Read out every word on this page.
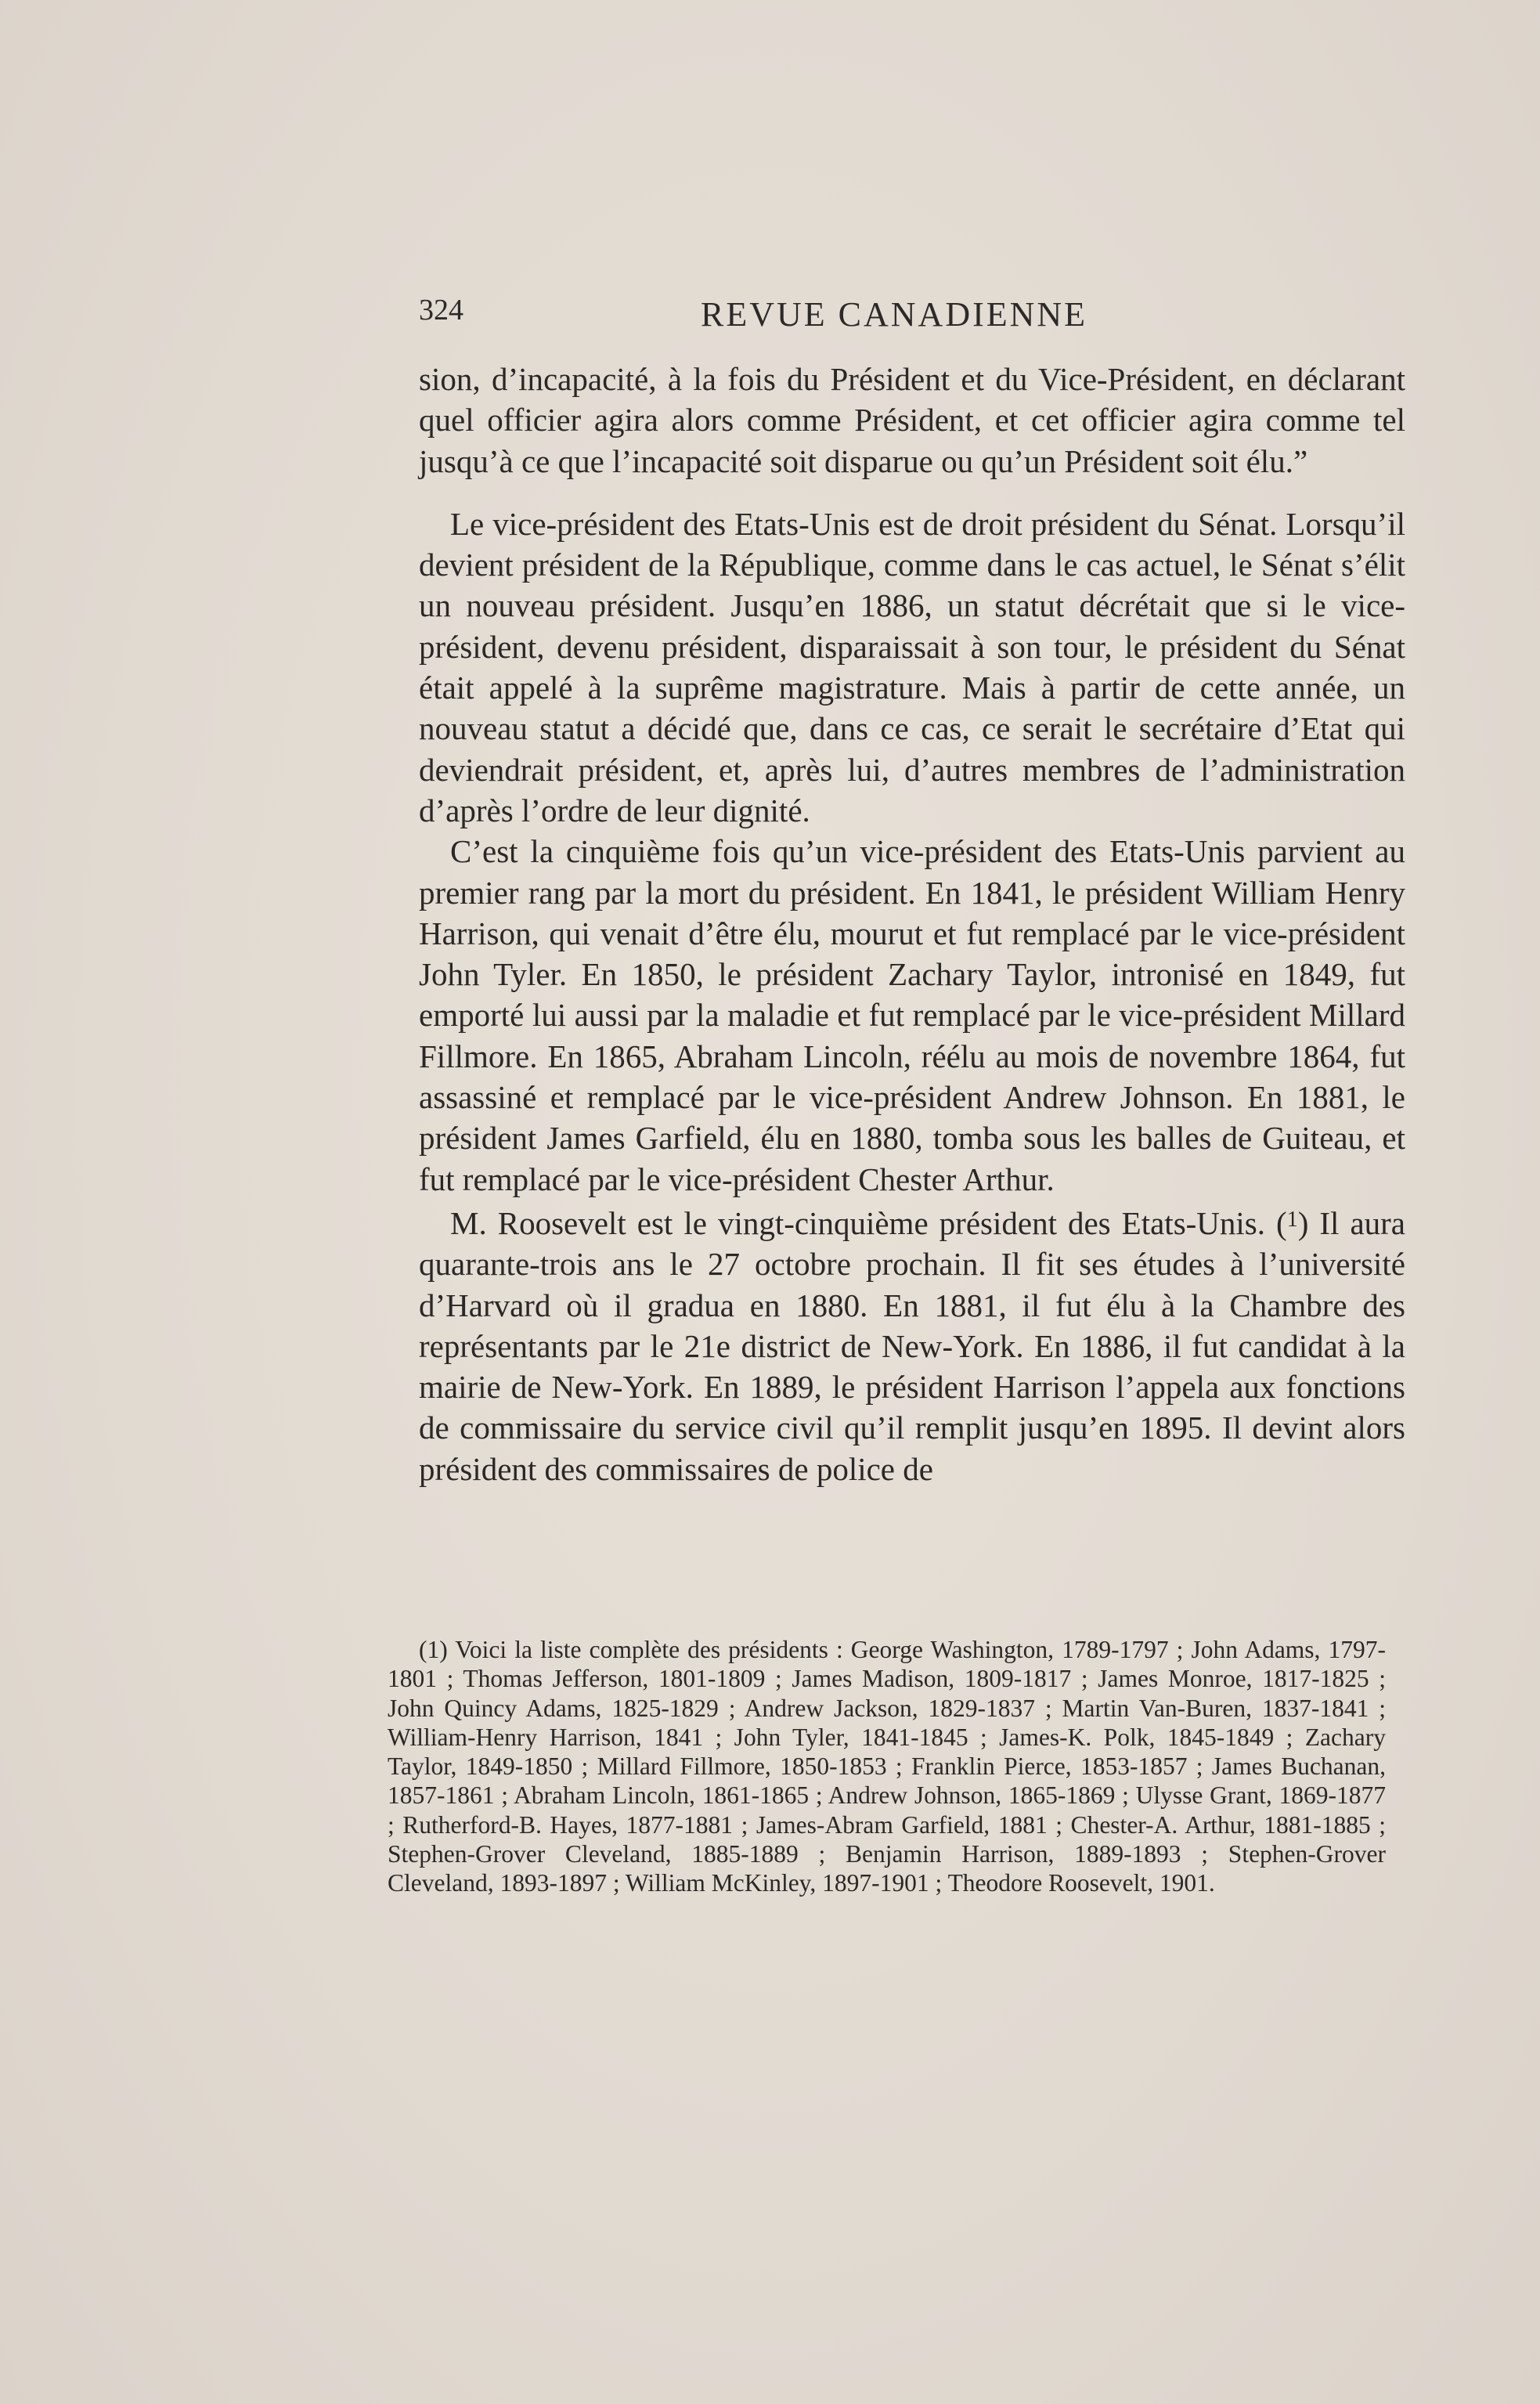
324	REVUE CANADIENNE

sion, d’incapacité, à la fois du Président et du Vice-Président, en déclarant quel officier agira alors comme Président, et cet officier agira comme tel jusqu’à ce que l’incapacité soit disparue ou qu’un Président soit élu.”

Le vice-président des Etats-Unis est de droit président du Sénat. Lorsqu’il devient président de la République, comme dans le cas actuel, le Sénat s’élit un nouveau président. Jusqu’en 1886, un statut décrétait que si le vice-président, devenu président, disparaissait à son tour, le président du Sénat était appelé à la suprême magistrature. Mais à partir de cette année, un nouveau statut a décidé que, dans ce cas, ce serait le secrétaire d’Etat qui deviendrait président, et, après lui, d’autres membres de l’administration d’après l’ordre de leur dignité.

C’est la cinquième fois qu’un vice-président des Etats-Unis parvient au premier rang par la mort du président. En 1841, le président William Henry Harrison, qui venait d’être élu, mourut et fut remplacé par le vice-président John Tyler. En 1850, le président Zachary Taylor, intronisé en 1849, fut emporté lui aussi par la maladie et fut remplacé par le vice-président Millard Fillmore. En 1865, Abraham Lincoln, réélu au mois de novembre 1864, fut assassiné et remplacé par le vice-président Andrew Johnson. En 1881, le président James Garfield, élu en 1880, tomba sous les balles de Guiteau, et fut remplacé par le vice-président Chester Arthur.

M. Roosevelt est le vingt-cinquième président des Etats-Unis. ($^1$) Il aura quarante-trois ans le 27 octobre prochain. Il fit ses études à l’université d’Harvard où il gradua en 1880. En 1881, il fut élu à la Chambre des représentants par le 21e district de New-York. En 1886, il fut candidat à la mairie de New-York. En 1889, le président Harrison l’appela aux fonctions de commissaire du service civil qu’il remplit jusqu’en 1895. Il devint alors président des commissaires de police de

(1) Voici la liste complète des présidents : George Washington, 1789-1797 ; John Adams, 1797-1801 ; Thomas Jefferson, 1801-1809 ; James Madison, 1809-1817 ; James Monroe, 1817-1825 ; John Quincy Adams, 1825-1829 ; Andrew Jackson, 1829-1837 ; Martin Van-Buren, 1837-1841 ; William-Henry Harrison, 1841 ; John Tyler, 1841-1845 ; James-K. Polk, 1845-1849 ; Zachary Taylor, 1849-1850 ; Millard Fillmore, 1850-1853 ; Franklin Pierce, 1853-1857 ; James Buchanan, 1857-1861 ; Abraham Lincoln, 1861-1865 ; Andrew Johnson, 1865-1869 ; Ulysse Grant, 1869-1877 ; Rutherford-B. Hayes, 1877-1881 ; James-Abram Garfield, 1881 ; Chester-A. Arthur, 1881-1885 ; Stephen-Grover Cleveland, 1885-1889 ; Benjamin Harrison, 1889-1893 ; Stephen-Grover Cleveland, 1893-1897 ; William McKinley, 1897-1901 ; Theodore Roosevelt, 1901.
